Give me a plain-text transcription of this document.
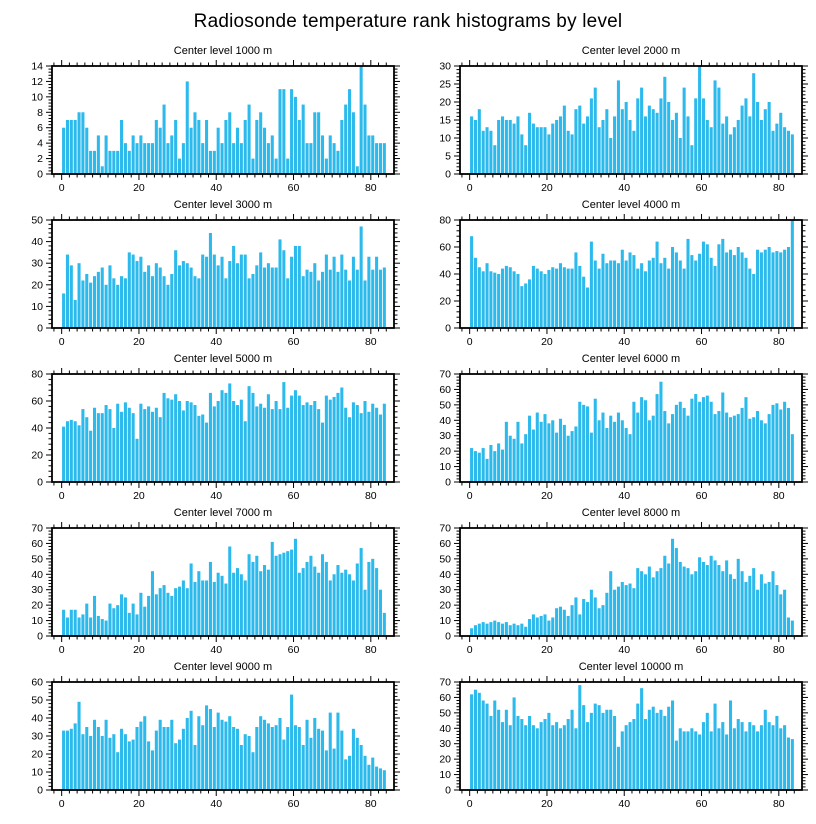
Radiosonde temperature rank histograms by level
Center level 1000 m
0	20	40	60	80
0
2
4
6
8
10
12
14
Center level 2000 m
0	20	40	60	80
0
5
10
15
20
25
30
Center level 3000 m
0	20	40	60	80
0
10
20
30
40
50
Center level 4000 m
0	20	40	60	80
0
20
40
60
80
Center level 5000 m
0	20	40	60	80
0
20
40
60
80
Center level 6000 m
0	20	40	60	80
0
10
20
30
40
50
60
70
Center level 7000 m
0	20	40	60	80
0
10
20
30
40
50
60
70
Center level 8000 m
0	20	40	60	80
0
10
20
30
40
50
60
70
Center level 9000 m
0	20	40	60	80
0
10
20
30
40
50
60
Center level 10000 m
0	20	40	60	80
0
10
20
30
40
50
60
70
